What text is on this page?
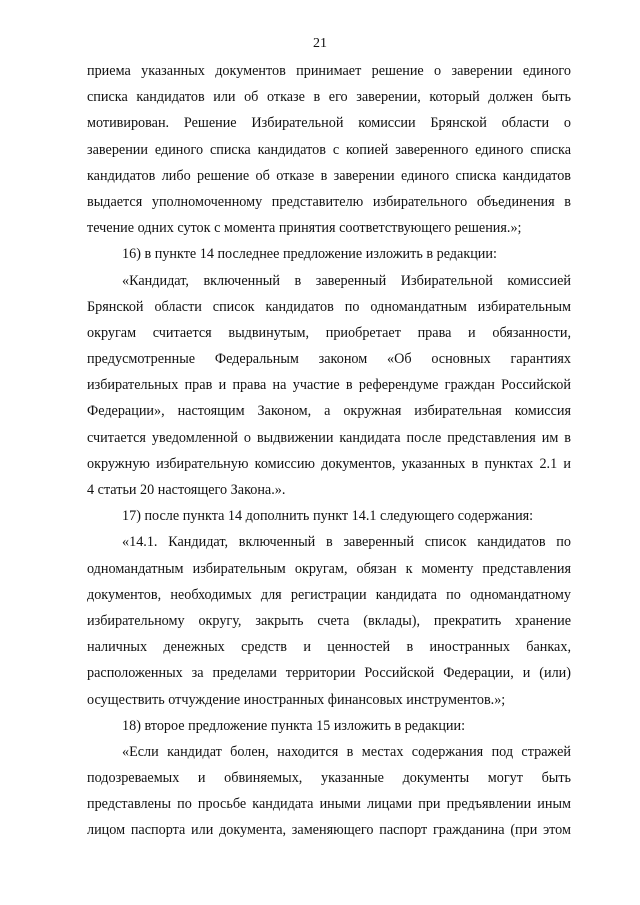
21
приема указанных документов принимает решение о заверении единого
списка кандидатов или об отказе в его заверении, который должен быть
мотивирован. Решение Избирательной комиссии Брянской области о
заверении единого списка кандидатов с копией заверенного единого списка
кандидатов либо решение об отказе в заверении единого списка кандидатов
выдается уполномоченному представителю избирательного объединения в
течение одних суток с момента принятия соответствующего решения.»;
16) в пункте 14 последнее предложение изложить в редакции:
«Кандидат, включенный в заверенный Избирательной комиссией
Брянской области список кандидатов по одномандатным избирательным
округам считается выдвинутым, приобретает права и обязанности,
предусмотренные Федеральным законом «Об основных гарантиях
избирательных прав и права на участие в референдуме граждан Российской
Федерации», настоящим Законом, а окружная избирательная комиссия
считается уведомленной о выдвижении кандидата после представления им в
окружную избирательную комиссию документов, указанных в пунктах 2.1 и
4 статьи 20 настоящего Закона.».
17) после пункта 14 дополнить пункт 14.1 следующего содержания:
«14.1. Кандидат, включенный в заверенный список кандидатов по
одномандатным избирательным округам, обязан к моменту представления
документов, необходимых для регистрации кандидата по одномандатному
избирательному округу, закрыть счета (вклады), прекратить хранение
наличных денежных средств и ценностей в иностранных банках,
расположенных за пределами территории Российской Федерации, и (или)
осуществить отчуждение иностранных финансовых инструментов.»;
18) второе предложение пункта 15 изложить в редакции:
«Если кандидат болен, находится в местах содержания под стражей
подозреваемых и обвиняемых, указанные документы могут быть
представлены по просьбе кандидата иными лицами при предъявлении иным
лицом паспорта или документа, заменяющего паспорт гражданина (при этом
